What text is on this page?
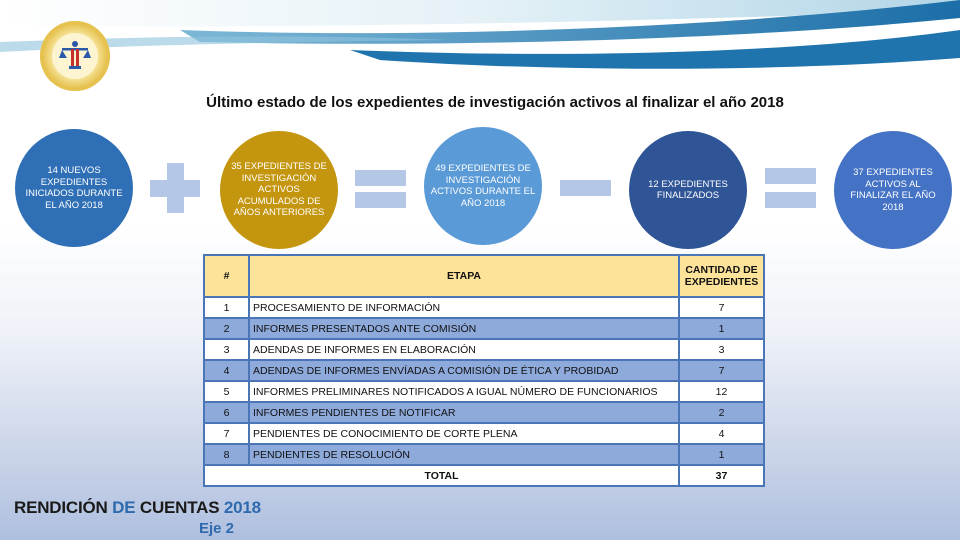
Último estado de los expedientes de investigación activos al finalizar el año 2018
14 NUEVOS EXPEDIENTES INICIADOS DURANTE EL AÑO 2018
35 EXPEDIENTES DE INVESTIGACIÓN ACTIVOS ACUMULADOS DE AÑOS ANTERIORES
49 EXPEDIENTES DE INVESTIGACIÓN ACTIVOS DURANTE EL AÑO 2018
12 EXPEDIENTES FINALIZADOS
37 EXPEDIENTES ACTIVOS AL FINALIZAR EL AÑO 2018
#	ETAPA	CANTIDAD DE EXPEDIENTES
1	PROCESAMIENTO DE INFORMACIÓN	7
2	INFORMES PRESENTADOS ANTE COMISIÓN	1
3	ADENDAS DE INFORMES EN ELABORACIÓN	3
4	ADENDAS DE INFORMES ENVÍADAS A COMISIÓN DE ÉTICA Y PROBIDAD	7
5	INFORMES PRELIMINARES NOTIFICADOS A IGUAL NÚMERO DE FUNCIONARIOS	12
6	INFORMES PENDIENTES DE NOTIFICAR	2
7	PENDIENTES DE CONOCIMIENTO DE CORTE PLENA	4
8	PENDIENTES DE RESOLUCIÓN	1
TOTAL		37
RENDICIÓN DE CUENTAS 2018
Eje 2
